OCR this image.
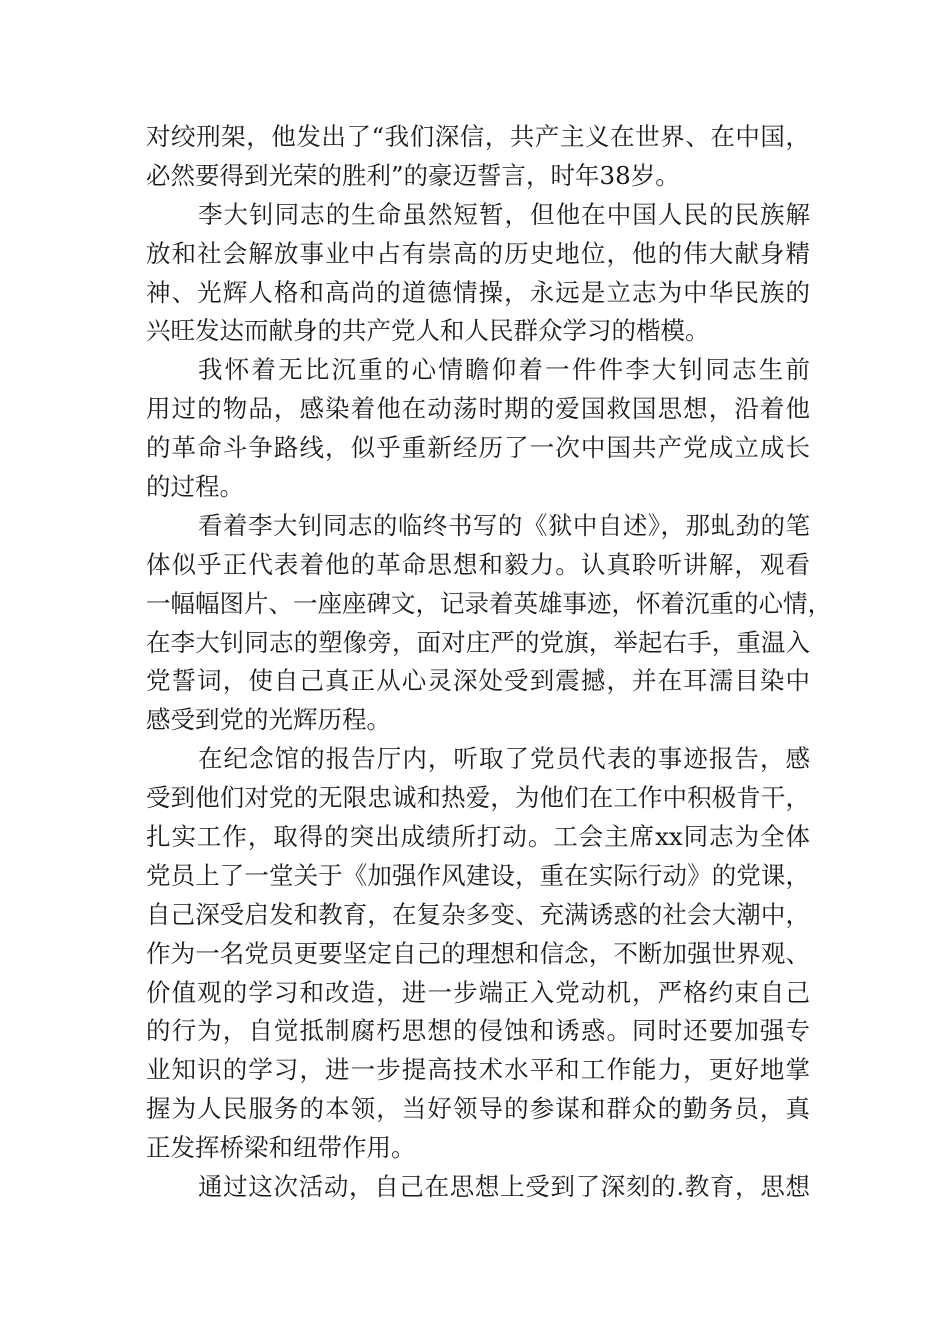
对绞刑架，他发出了“我们深信，共产主义在世界、在中国，
必然要得到光荣的胜利”的豪迈誓言，时年38岁。
李大钊同志的生命虽然短暂，但他在中国人民的民族解
放和社会解放事业中占有崇高的历史地位，他的伟大献身精
神、光辉人格和高尚的道德情操，永远是立志为中华民族的
兴旺发达而献身的共产党人和人民群众学习的楷模。
我怀着无比沉重的心情瞻仰着一件件李大钊同志生前
用过的物品，感染着他在动荡时期的爱国救国思想，沿着他
的革命斗争路线，似乎重新经历了一次中国共产党成立成长
的过程。
看着李大钊同志的临终书写的《狱中自述》，那虬劲的笔
体似乎正代表着他的革命思想和毅力。认真聆听讲解，观看
一幅幅图片、一座座碑文，记录着英雄事迹，怀着沉重的心情，
在李大钊同志的塑像旁，面对庄严的党旗，举起右手，重温入
党誓词，使自己真正从心灵深处受到震撼，并在耳濡目染中
感受到党的光辉历程。
在纪念馆的报告厅内，听取了党员代表的事迹报告，感
受到他们对党的无限忠诚和热爱，为他们在工作中积极肯干，
扎实工作，取得的突出成绩所打动。工会主席xx同志为全体
党员上了一堂关于《加强作风建设，重在实际行动》的党课，
自己深受启发和教育，在复杂多变、充满诱惑的社会大潮中，
作为一名党员更要坚定自己的理想和信念，不断加强世界观、
价值观的学习和改造，进一步端正入党动机，严格约束自己
的行为，自觉抵制腐朽思想的侵蚀和诱惑。同时还要加强专
业知识的学习，进一步提高技术水平和工作能力，更好地掌
握为人民服务的本领，当好领导的参谋和群众的勤务员，真
正发挥桥梁和纽带作用。
通过这次活动，自己在思想上受到了深刻的.教育，思想
